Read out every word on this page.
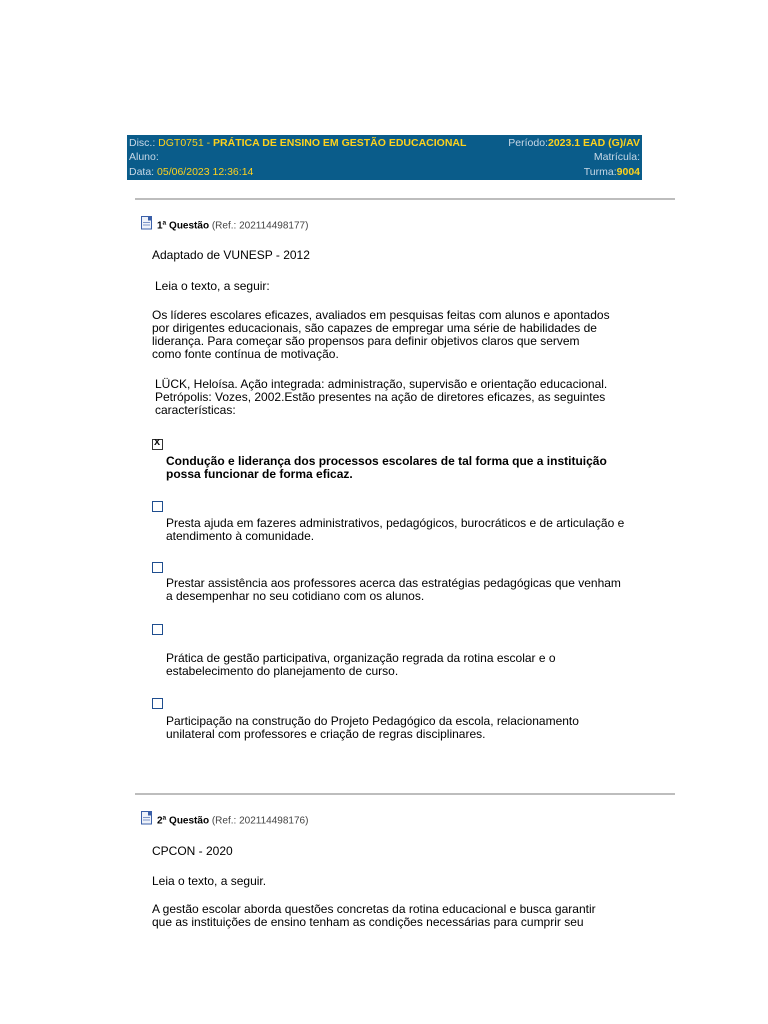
Disc.: DGT0751 - PRÁTICA DE ENSINO EM GESTÃO EDUCACIONAL	Período:2023.1 EAD (G)/AV
Aluno:	Matrícula:
Data: 05/06/2023 12:36:14	Turma:9004
1ª Questão (Ref.: 202114498177)
Adaptado de VUNESP - 2012
Leia o texto, a seguir:
Os líderes escolares eficazes, avaliados em pesquisas feitas com alunos e apontados por dirigentes educacionais, são capazes de empregar uma série de habilidades de liderança. Para começar são propensos para definir objetivos claros que servem como fonte contínua de motivação.
LÜCK, Heloísa. Ação integrada: administração, supervisão e orientação educacional. Petrópolis: Vozes, 2002.Estão presentes na ação de diretores eficazes, as seguintes características:
x
Condução e liderança dos processos escolares de tal forma que a instituição possa funcionar de forma eficaz.
Presta ajuda em fazeres administrativos, pedagógicos, burocráticos e de articulação e atendimento à comunidade.
Prestar assistência aos professores acerca das estratégias pedagógicas que venham a desempenhar no seu cotidiano com os alunos.
Prática de gestão participativa, organização regrada da rotina escolar e o estabelecimento do planejamento de curso.
Participação na construção do Projeto Pedagógico da escola, relacionamento unilateral com professores e criação de regras disciplinares.
2ª Questão (Ref.: 202114498176)
CPCON - 2020
Leia o texto, a seguir.
A gestão escolar aborda questões concretas da rotina educacional e busca garantir que as instituições de ensino tenham as condições necessárias para cumprir seu
